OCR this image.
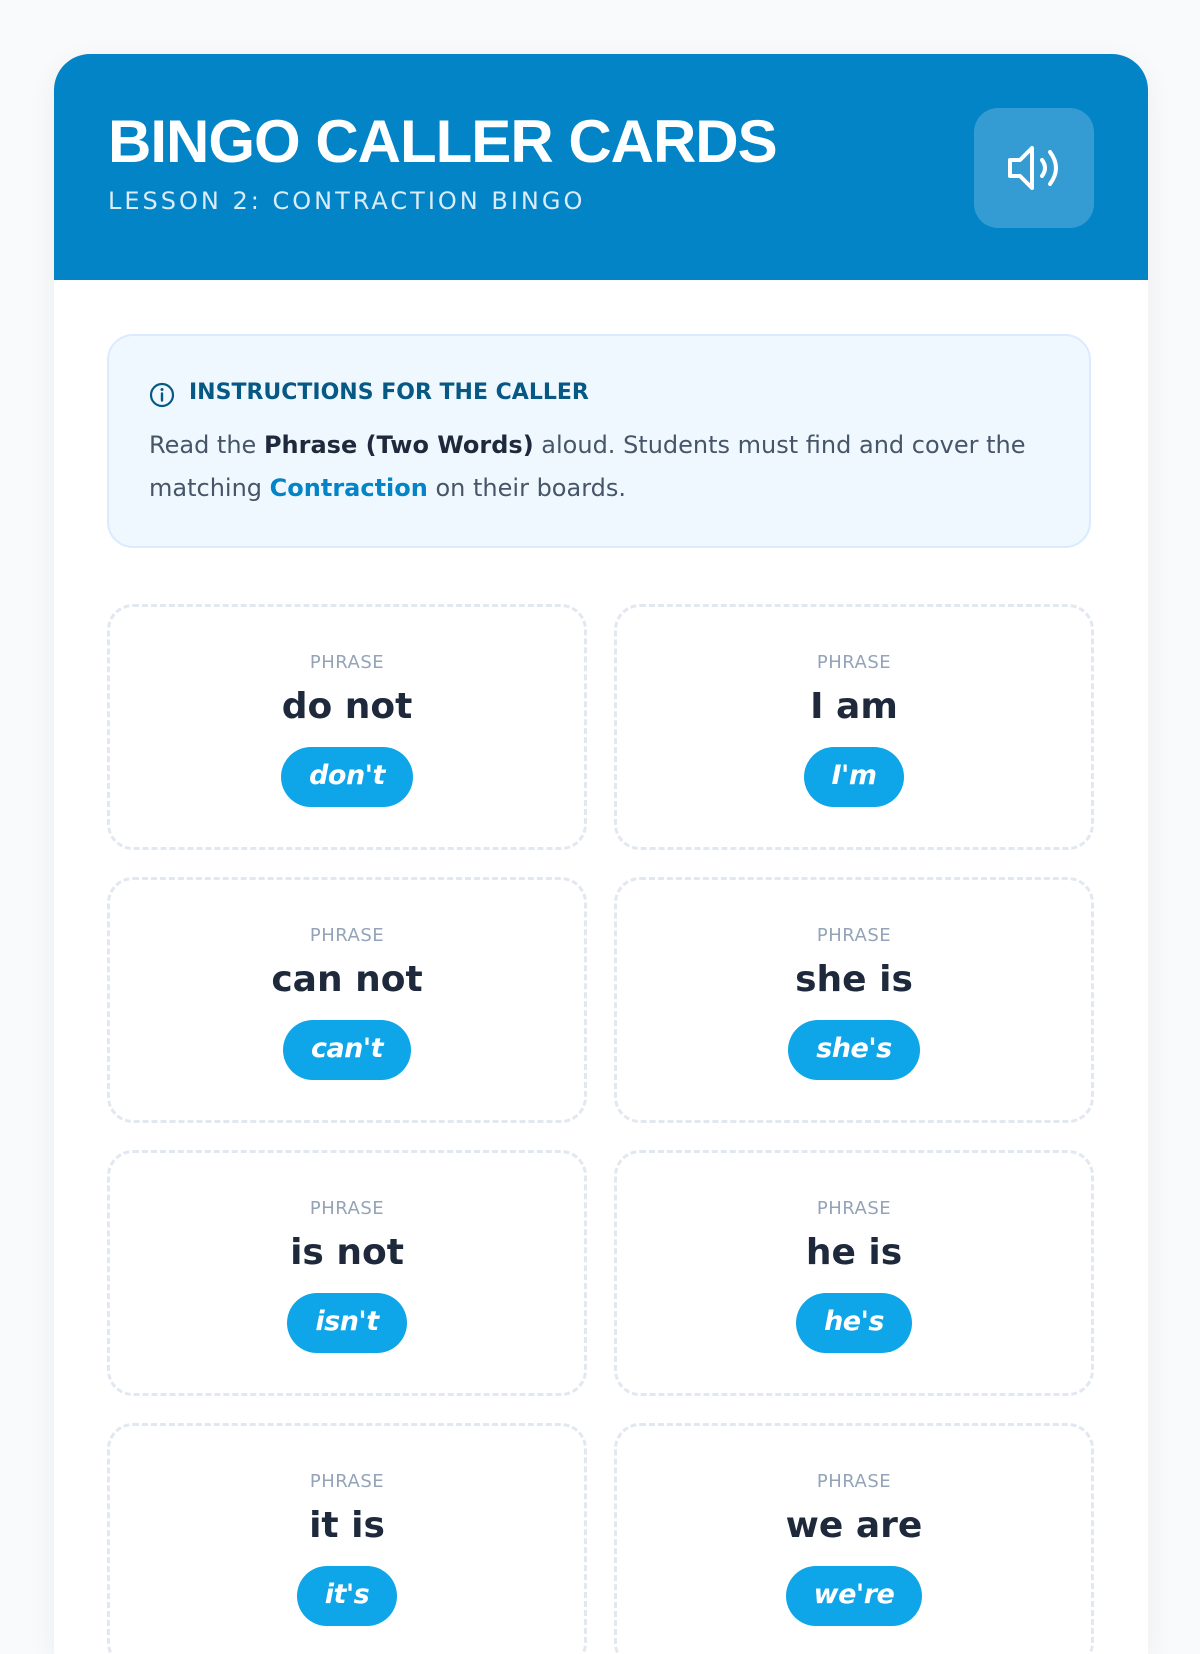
BINGO CALLER CARDS
LESSON 2: CONTRACTION BINGO
INSTRUCTIONS FOR THE CALLER
Read the Phrase (Two Words) aloud. Students must find and cover the matching Contraction on their boards.
PHRASE
do not
don't
PHRASE
I am
I'm
PHRASE
can not
can't
PHRASE
she is
she's
PHRASE
is not
isn't
PHRASE
he is
he's
PHRASE
it is
it's
PHRASE
we are
we're
